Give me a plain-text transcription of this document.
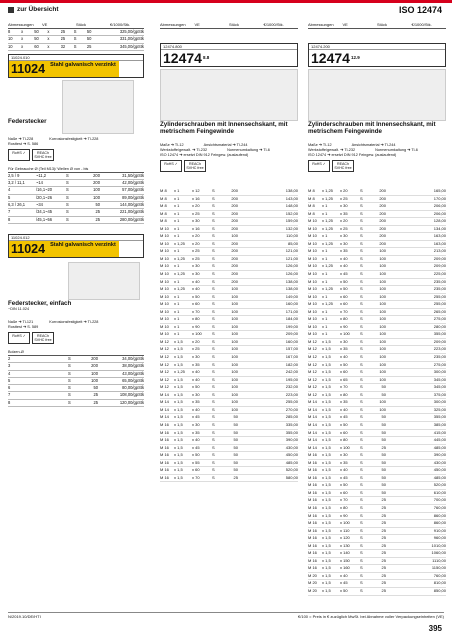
zur Übersicht	ISO 12474
Abmessungen	VE	Stück	€/1000/Stk.
8	x	50	x	25	S	50	325,00/gpStk
10	x	50	x	25	S	50	331,00/gpStk
10	x	60	x	32	S	25	345,00/gpStk
11024.010
11024 Stahl galvanisch verzinkt
Federstecker
Naße ➔ Tl-228	Korrosionsfestigkeit ➔ Tl-228
Rosttest ➔ S. 586
RoHS ✓	REACh SVHC free
Für Gebrauche Ø (Teil M13)/ Wellen Ø von - bis
2,5 / 9	~11,2	S	200	31,50/gpStk
3,2 / 11,1	~14	S	200	42,00/gpStk
4	/16,1~20	S	100	57,00/gpStk
5	/20,1~26	S	100	89,00/gpStk
6,3 / 26,1	~34	S	50	144,00/gpStk
7	/34,1~45	S	25	221,00/gpStk
8	/45,1~56	S	25	280,00/gpStk
11024.012
11024 Stahl galvanisch verzinkt
Federstecker, einfach
~DIN 11.024
Naße ➔ Tl-121	Korrosionsfestigkeit ➔ Tl-228
Rosttest ➔ S. 589
RoHS ✓	REACh SVHC free
Bolzen-Ø
2	S	200	34,00/gpStk
3	S	200	38,00/gpStk
4	S	100	43,00/gpStk
5	S	100	65,00/gpStk
6	S	50	80,00/gpStk
7	S	25	108,00/gpStk
8	S	25	120,00/gpStk
Abmessungen	VE	Stück	€/1000/Stk.
12474.800
$12474^{8.8}$
Zylinderschrauben mit Innensechskant, mit metrischem Feingewinde
Maße ➔ Tl-12	Ansichtsmaterial ➔ Tl-244
Werkstoffe/gewalt. ➔ Tl-232	Normenumkaltung ➔ Tl-6
ISO 12474 ➔ ersetzt DIN 912 Feingew. (auslaufend)
RoHS ✓	REACh SVHC free
M 8	x 1	x 12	S	200	138,00
M 8	x 1	x 16	S	200	143,00
M 8	x 1	x 20	S	200	148,00
M 8	x 1	x 25	S	200	152,00
M 8	x 1	x 30	S	200	159,00
M 10	x 1	x 16	S	200	132,00
M 10	x 1	x 20	S	100	110,00
M 10	x 1,25	x 20	S	200	85,00
M 10	x 1	x 25	S	200	121,00
M 10	x 1,25	x 25	S	200	121,00
M 10	x 1	x 30	S	200	126,00
M 10	x 1,25	x 30	S	200	126,00
M 10	x 1	x 40	S	200	138,00
M 10	x 1,25	x 40	S	100	138,00
M 10	x 1	x 50	S	100	149,00
M 10	x 1	x 60	S	100	160,00
M 10	x 1	x 70	S	100	171,00
M 10	x 1	x 80	S	100	184,00
M 10	x 1	x 90	S	100	199,00
M 10	x 1	x 100	S	100	209,00
M 12	x 1,5	x 20	S	100	160,00
M 12	x 1,5	x 25	S	100	157,00
M 12	x 1,5	x 30	S	100	167,00
M 12	x 1,5	x 35	S	100	182,00
M 12	x 1,25	x 40	S	100	242,00
M 12	x 1,5	x 40	S	100	195,00
M 12	x 1,5	x 50	S	100	232,00
M 14	x 1,5	x 30	S	100	223,00
M 14	x 1,5	x 35	S	100	255,00
M 14	x 1,5	x 40	S	100	270,00
M 14	x 1,5	x 45	S	50	285,00
M 16	x 1,5	x 30	S	50	335,00
M 16	x 1,5	x 35	S	50	355,00
M 16	x 1,5	x 40	S	50	390,00
M 16	x 1,5	x 45	S	50	430,00
M 16	x 1,5	x 50	S	50	450,00
M 16	x 1,5	x 55	S	50	485,00
M 16	x 1,5	x 60	S	50	520,00
M 16	x 1,5	x 70	S	25	580,00
Abmessungen	VE	Stück	€/1000/Stk.
12474.200
$12474^{12.9}$
Zylinderschrauben mit Innensechskant, mit metrischem Feingewinde
Maße ➔ Tl-12	Ansichtsmaterial ➔ Tl-244
Werkstoffe/gewalt. ➔ Tl-232	Normenumkaltung ➔ Tl-6
ISO 12474 ➔ ersetzt DIN 912 Feingew. (auslaufend)
RoHS ✓	REACh SVHC free
M 8	x 1,25	x 20	S	200	165,00
M 8	x 1,25	x 25	S	200	170,00
M 8	x 1	x 30	S	200	206,00
M 8	x 1	x 35	S	200	206,00
M 10	x 1,25	x 20	S	200	128,00
M 10	x 1,25	x 25	S	200	134,00
M 10	x 1	x 30	S	200	163,00
M 10	x 1,25	x 30	S	200	163,00
M 10	x 1	x 35	S	100	213,00
M 10	x 1	x 40	S	100	209,00
M 10	x 1,25	x 40	S	100	209,00
M 10	x 1	x 45	S	100	225,00
M 10	x 1	x 50	S	100	235,00
M 10	x 1,25	x 50	S	100	235,00
M 10	x 1	x 60	S	100	255,00
M 10	x 1,25	x 60	S	100	255,00
M 10	x 1	x 70	S	100	265,00
M 10	x 1	x 80	S	100	275,00
M 10	x 1	x 90	S	100	280,00
M 10	x 1	x 100	S	100	355,00
M 12	x 1,5	x 30	S	100	209,00
M 12	x 1,5	x 35	S	100	223,00
M 12	x 1,5	x 40	S	100	235,00
M 12	x 1,5	x 50	S	100	275,00
M 12	x 1,5	x 60	S	100	300,00
M 12	x 1,5	x 65	S	100	345,00
M 12	x 1,5	x 70	S	50	345,00
M 12	x 1,5	x 80	S	50	375,00
M 14	x 1,5	x 35	S	100	300,00
M 14	x 1,5	x 40	S	100	325,00
M 14	x 1,5	x 45	S	50	355,00
M 14	x 1,5	x 50	S	50	385,00
M 14	x 1,5	x 60	S	50	415,00
M 14	x 1,5	x 80	S	50	445,00
M 14	x 1,5	x 100	S	25	485,00
M 16	x 1,5	x 30	S	50	390,00
M 16	x 1,5	x 35	S	50	430,00
M 16	x 1,5	x 40	S	50	450,00
M 16	x 1,5	x 45	S	50	485,00
M 16	x 1,5	x 50	S	50	520,00
M 16	x 1,5	x 60	S	50	610,00
M 16	x 1,5	x 70	S	25	700,00
M 16	x 1,5	x 80	S	25	760,00
M 16	x 1,5	x 90	S	25	860,00
M 16	x 1,5	x 100	S	25	860,00
M 16	x 1,5	x 110	S	25	910,00
M 16	x 1,5	x 120	S	25	960,00
M 16	x 1,5	x 130	S	25	1010,00
M 16	x 1,5	x 140	S	25	1060,00
M 16	x 1,5	x 150	S	25	1110,00
M 16	x 1,5	x 160	S	25	1150,00
M 20	x 1,5	x 40	S	25	760,00
M 20	x 1,5	x 45	S	25	810,00
M 20	x 1,5	x 50	S	25	850,00
N/2019.10/DE/HTI	€/100 = Preis in € zuzüglich MwSt. bei Abnahme voller Verpackungseinheiten (VE)
395
